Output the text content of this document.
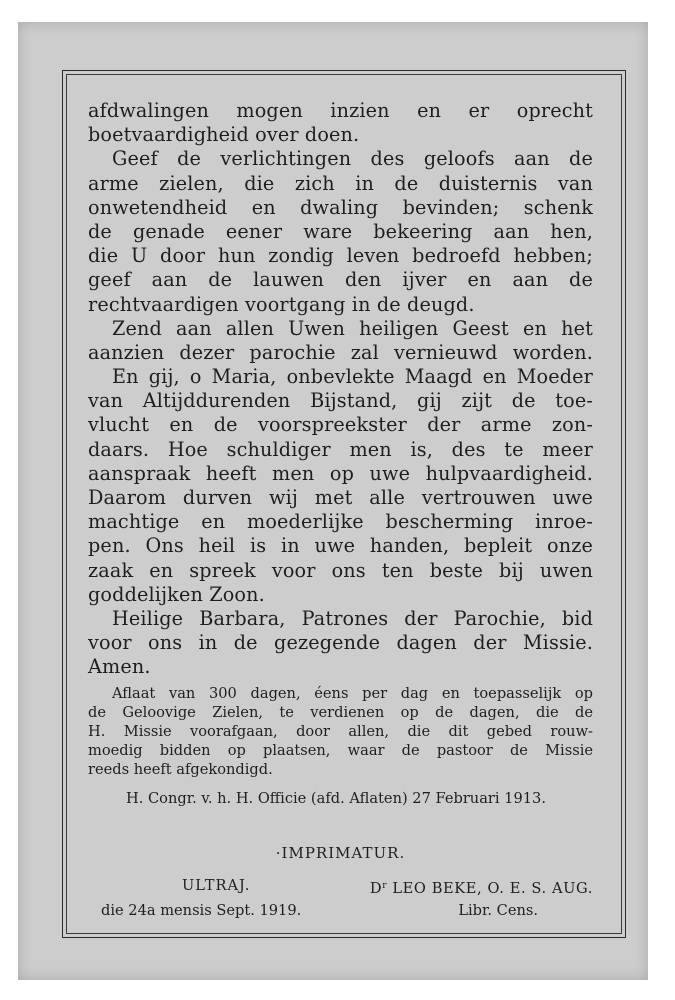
afdwalingen mogen inzien en er oprecht
boetvaardigheid over doen.
Geef de verlichtingen des geloofs aan de
arme zielen, die zich in de duisternis van
onwetendheid en dwaling bevinden; schenk
de genade eener ware bekeering aan hen,
die U door hun zondig leven bedroefd hebben;
geef aan de lauwen den ijver en aan de
rechtvaardigen voortgang in de deugd.
Zend aan allen Uwen heiligen Geest en het
aanzien dezer parochie zal vernieuwd worden.
En gij, o Maria, onbevlekte Maagd en Moeder
van Altijddurenden Bijstand, gij zijt de toe-
vlucht en de voorspreekster der arme zon-
daars. Hoe schuldiger men is, des te meer
aanspraak heeft men op uwe hulpvaardigheid.
Daarom durven wij met alle vertrouwen uwe
machtige en moederlijke bescherming inroe-
pen. Ons heil is in uwe handen, bepleit onze
zaak en spreek voor ons ten beste bij uwen
goddelijken Zoon.
Heilige Barbara, Patrones der Parochie, bid
voor ons in de gezegende dagen der Missie.
Amen.
Aflaat van 300 dagen, éens per dag en toepasselijk op
de Geloovige Zielen, te verdienen op de dagen, die de
H. Missie voorafgaan, door allen, die dit gebed rouw-
moedig bidden op plaatsen, waar de pastoor de Missie
reeds heeft afgekondigd.
H. Congr. v. h. H. Officie (afd. Aflaten) 27 Februari 1913.
·IMPRIMATUR.
ULTRAJ.	$D^r$ LEO BEKE, O. E. S. AUG.
die 24a mensis Sept. 1919.	Libr. Cens.
